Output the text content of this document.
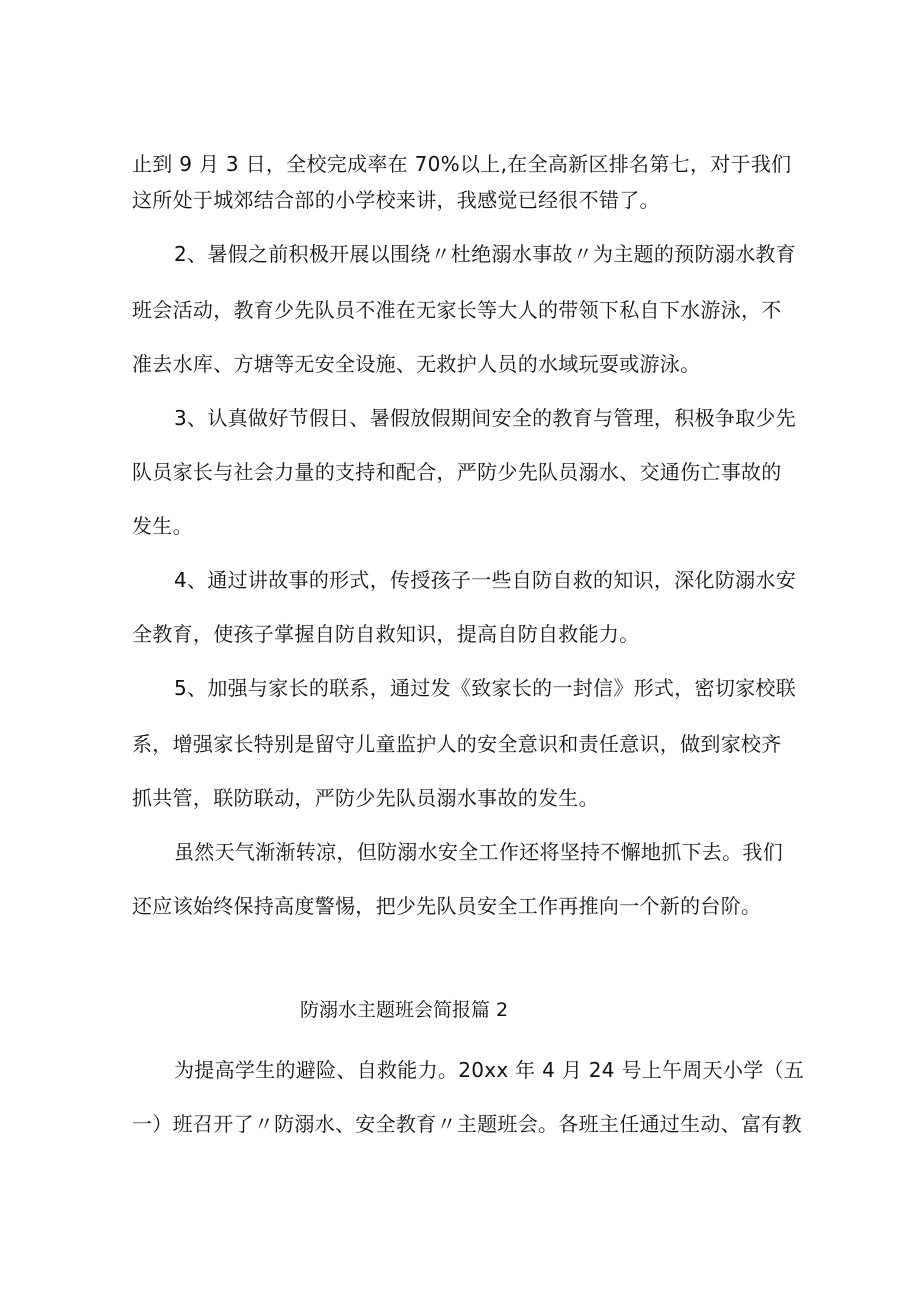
止到 9 月 3 日，全校完成率在 70%以上,在全高新区排名第七，对于我们
这所处于城郊结合部的小学校来讲，我感觉已经很不错了。
2、暑假之前积极开展以围绕〃杜绝溺水事故〃为主题的预防溺水教育
班会活动，教育少先队员不准在无家长等大人的带领下私自下水游泳，不
准去水库、方塘等无安全设施、无救护人员的水域玩耍或游泳。
3、认真做好节假日、暑假放假期间安全的教育与管理，积极争取少先
队员家长与社会力量的支持和配合，严防少先队员溺水、交通伤亡事故的
发生。
4、通过讲故事的形式，传授孩子一些自防自救的知识，深化防溺水安
全教育，使孩子掌握自防自救知识，提高自防自救能力。
5、加强与家长的联系，通过发《致家长的一封信》形式，密切家校联
系，增强家长特别是留守儿童监护人的安全意识和责任意识，做到家校齐
抓共管，联防联动，严防少先队员溺水事故的发生。
虽然天气渐渐转凉，但防溺水安全工作还将坚持不懈地抓下去。我们
还应该始终保持高度警惕，把少先队员安全工作再推向一个新的台阶。
防溺水主题班会简报篇 2
为提高学生的避险、自救能力。20xx 年 4 月 24 号上午周天小学（五
一）班召开了〃防溺水、安全教育〃主题班会。各班主任通过生动、富有教
